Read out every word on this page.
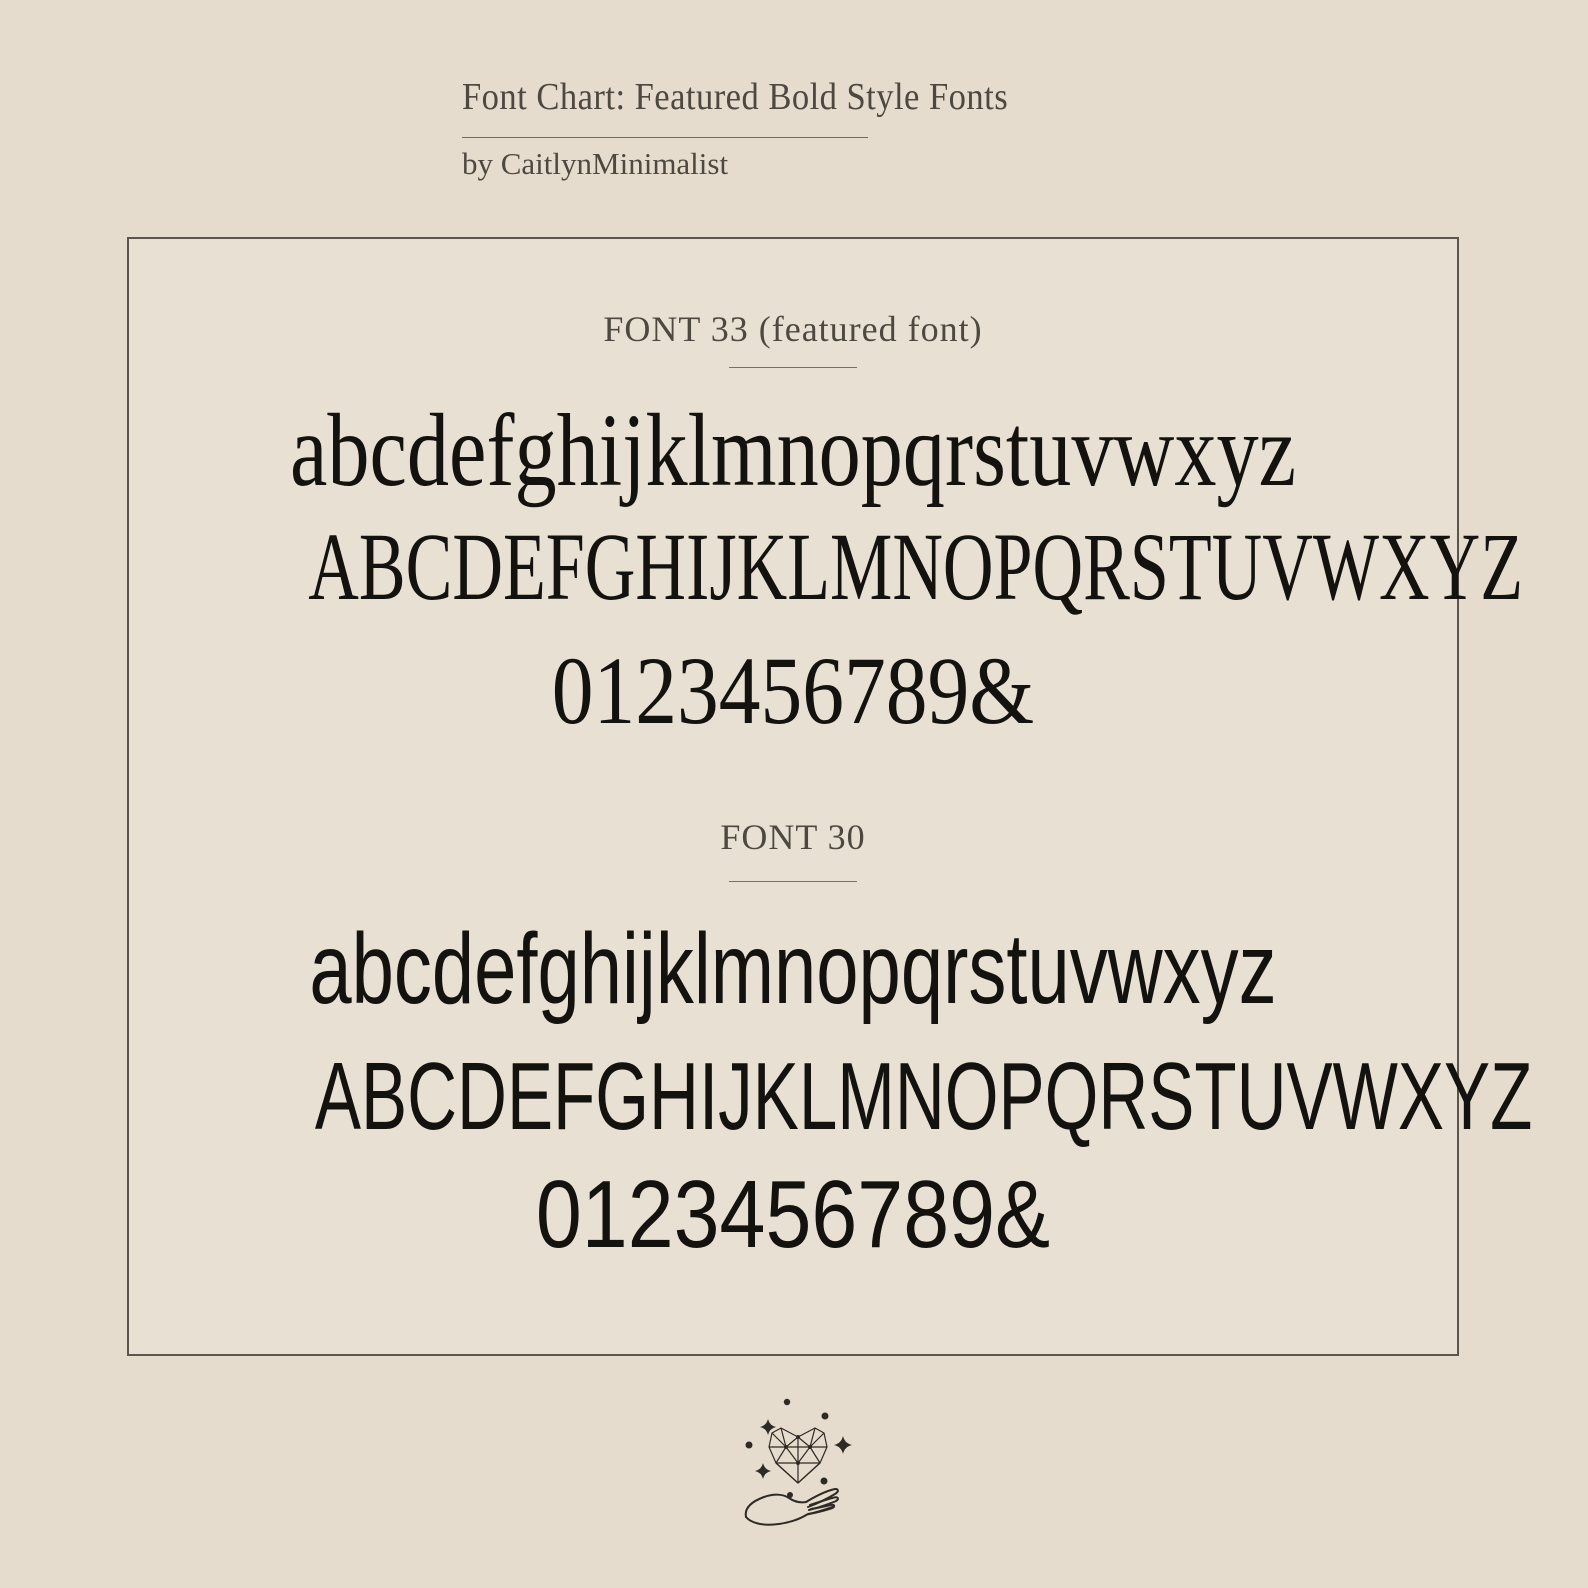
Font Chart: Featured Bold Style Fonts
by CaitlynMinimalist
FONT 33 (featured font)
abcdefghijklmnopqrstuvwxyz
ABCDEFGHIJKLMNOPQRSTUVWXYZ
0123456789&
FONT 30
abcdefghijklmnopqrstuvwxyz
ABCDEFGHIJKLMNOPQRSTUVWXYZ
0123456789&
